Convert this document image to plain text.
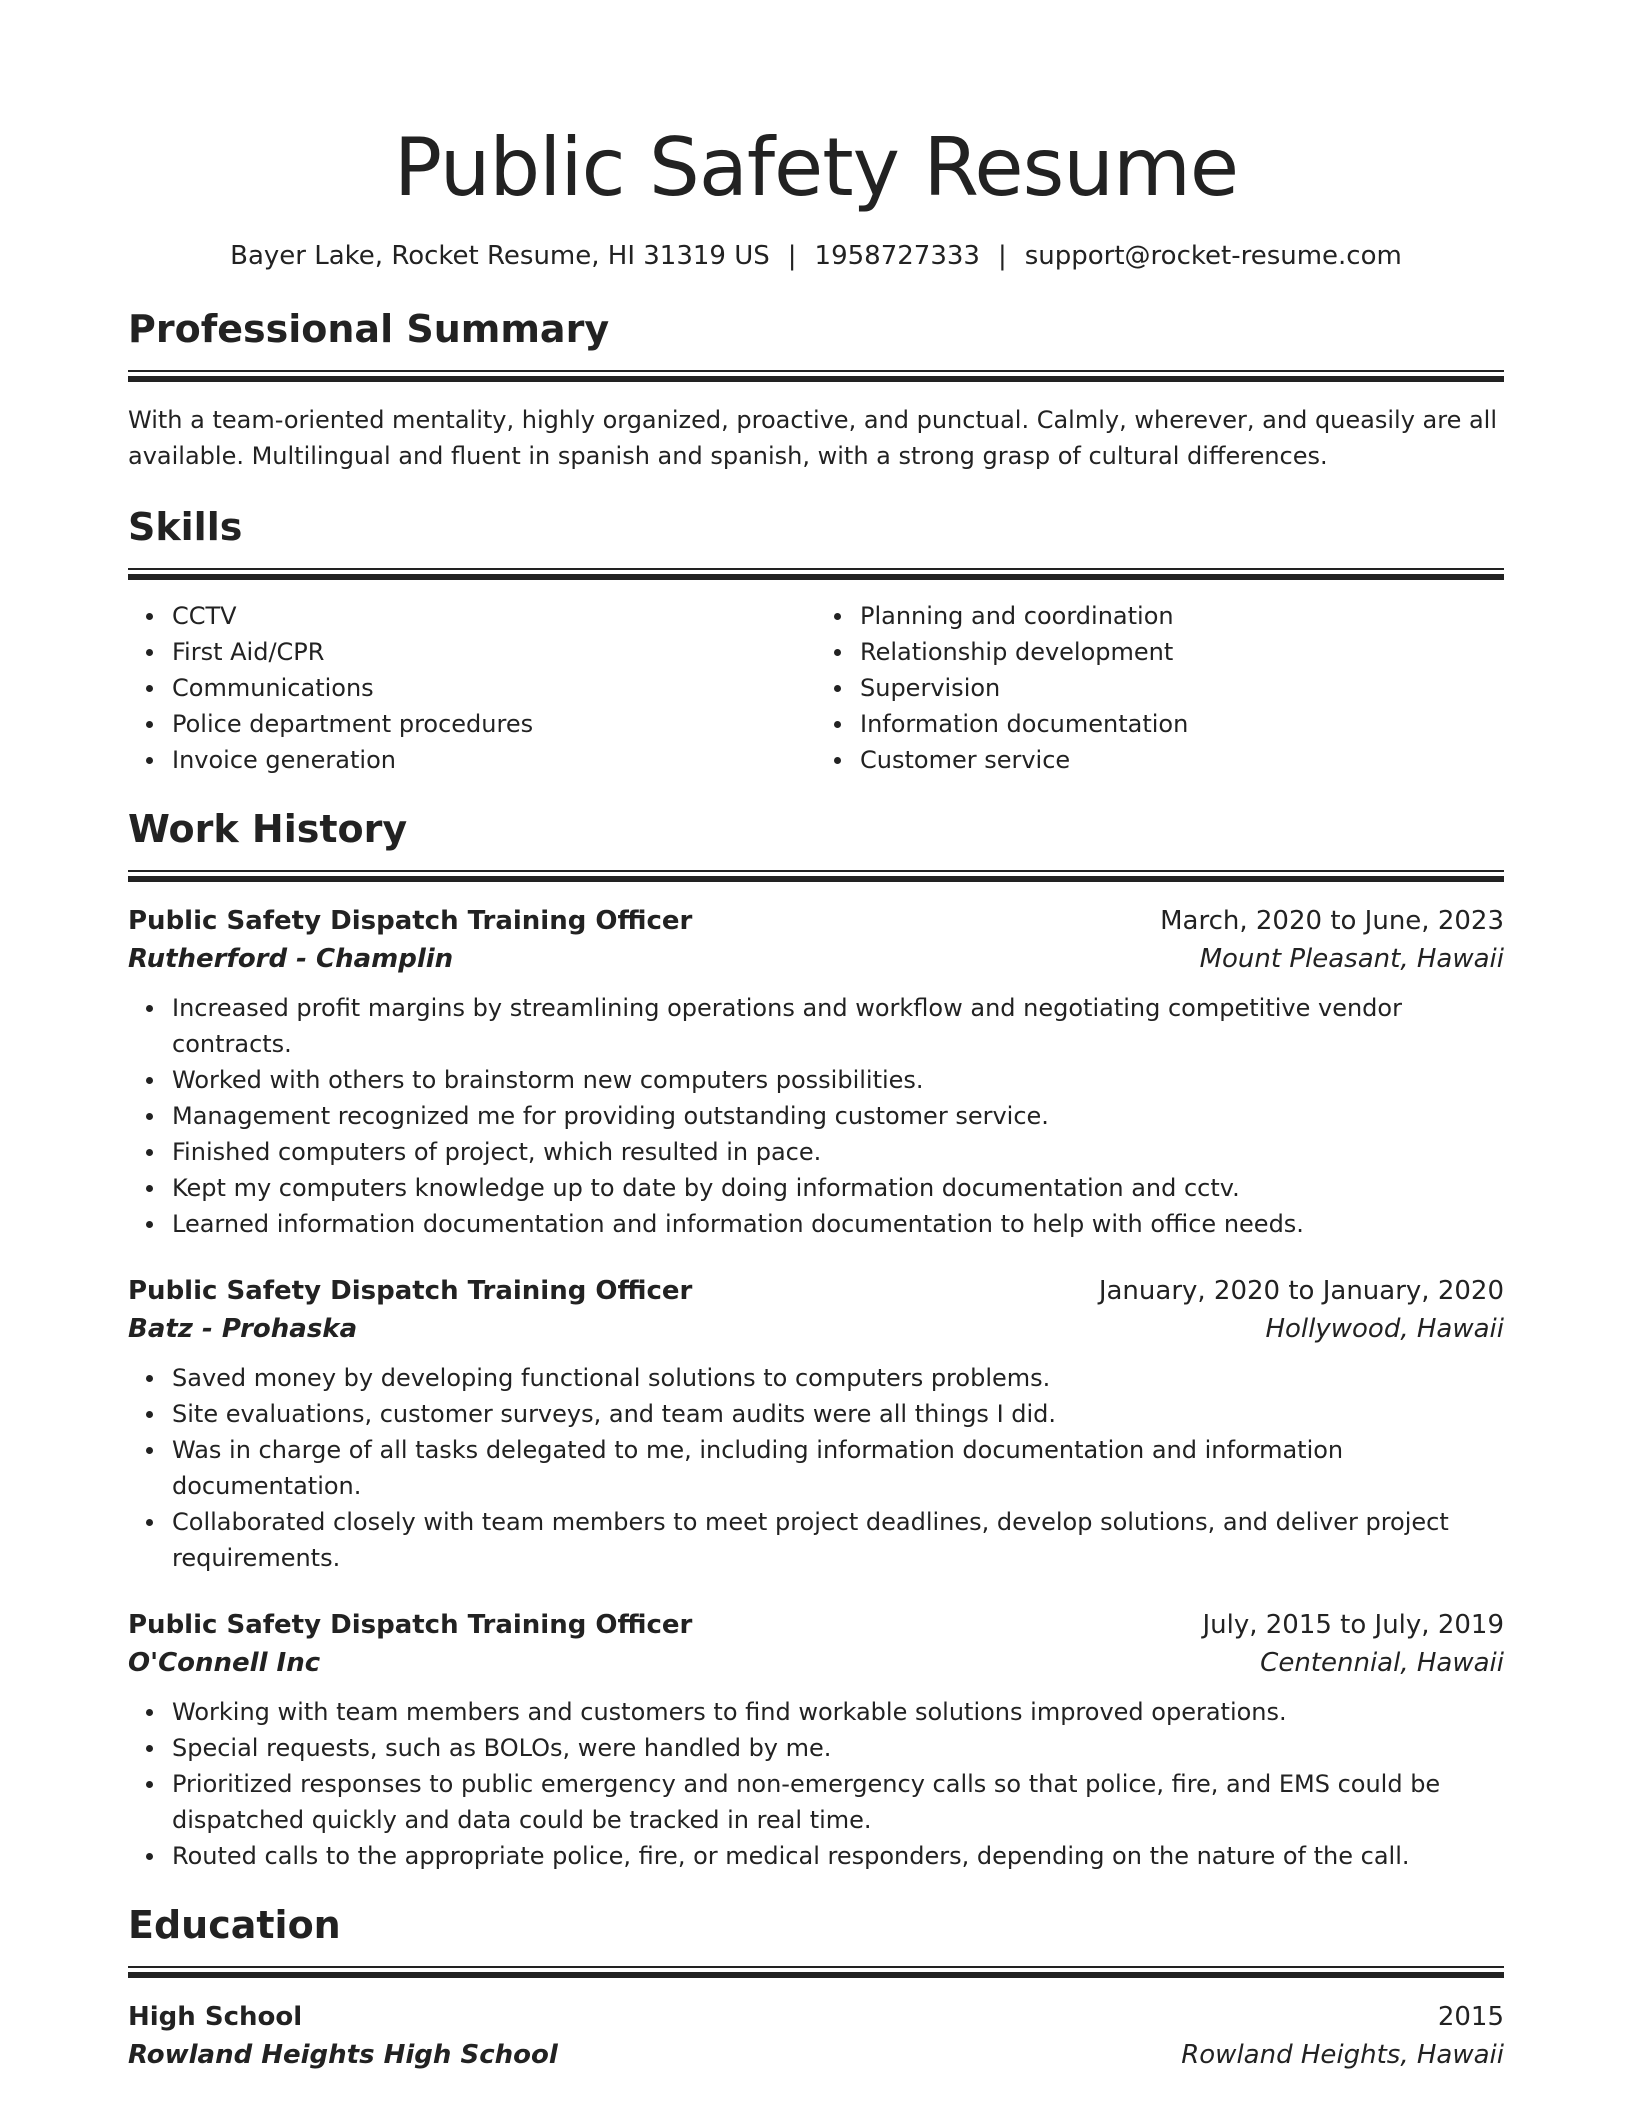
Public Safety Resume
Bayer Lake, Rocket Resume, HI 31319 US | 1958727333 | support@rocket-resume.com
Professional Summary
With a team-oriented mentality, highly organized, proactive, and punctual. Calmly, wherever, and queasily are all available. Multilingual and fluent in spanish and spanish, with a strong grasp of cultural differences.
Skills
CCTV
First Aid/CPR
Communications
Police department procedures
Invoice generation
Planning and coordination
Relationship development
Supervision
Information documentation
Customer service
Work History
Public Safety Dispatch Training Officer	March, 2020 to June, 2023
Rutherford - Champlin	Mount Pleasant, Hawaii
Increased profit margins by streamlining operations and workflow and negotiating competitive vendor contracts.
Worked with others to brainstorm new computers possibilities.
Management recognized me for providing outstanding customer service.
Finished computers of project, which resulted in pace.
Kept my computers knowledge up to date by doing information documentation and cctv.
Learned information documentation and information documentation to help with office needs.
Public Safety Dispatch Training Officer	January, 2020 to January, 2020
Batz - Prohaska	Hollywood, Hawaii
Saved money by developing functional solutions to computers problems.
Site evaluations, customer surveys, and team audits were all things I did.
Was in charge of all tasks delegated to me, including information documentation and information documentation.
Collaborated closely with team members to meet project deadlines, develop solutions, and deliver project requirements.
Public Safety Dispatch Training Officer	July, 2015 to July, 2019
O'Connell Inc	Centennial, Hawaii
Working with team members and customers to find workable solutions improved operations.
Special requests, such as BOLOs, were handled by me.
Prioritized responses to public emergency and non-emergency calls so that police, fire, and EMS could be dispatched quickly and data could be tracked in real time.
Routed calls to the appropriate police, fire, or medical responders, depending on the nature of the call.
Education
High School	2015
Rowland Heights High School	Rowland Heights, Hawaii
